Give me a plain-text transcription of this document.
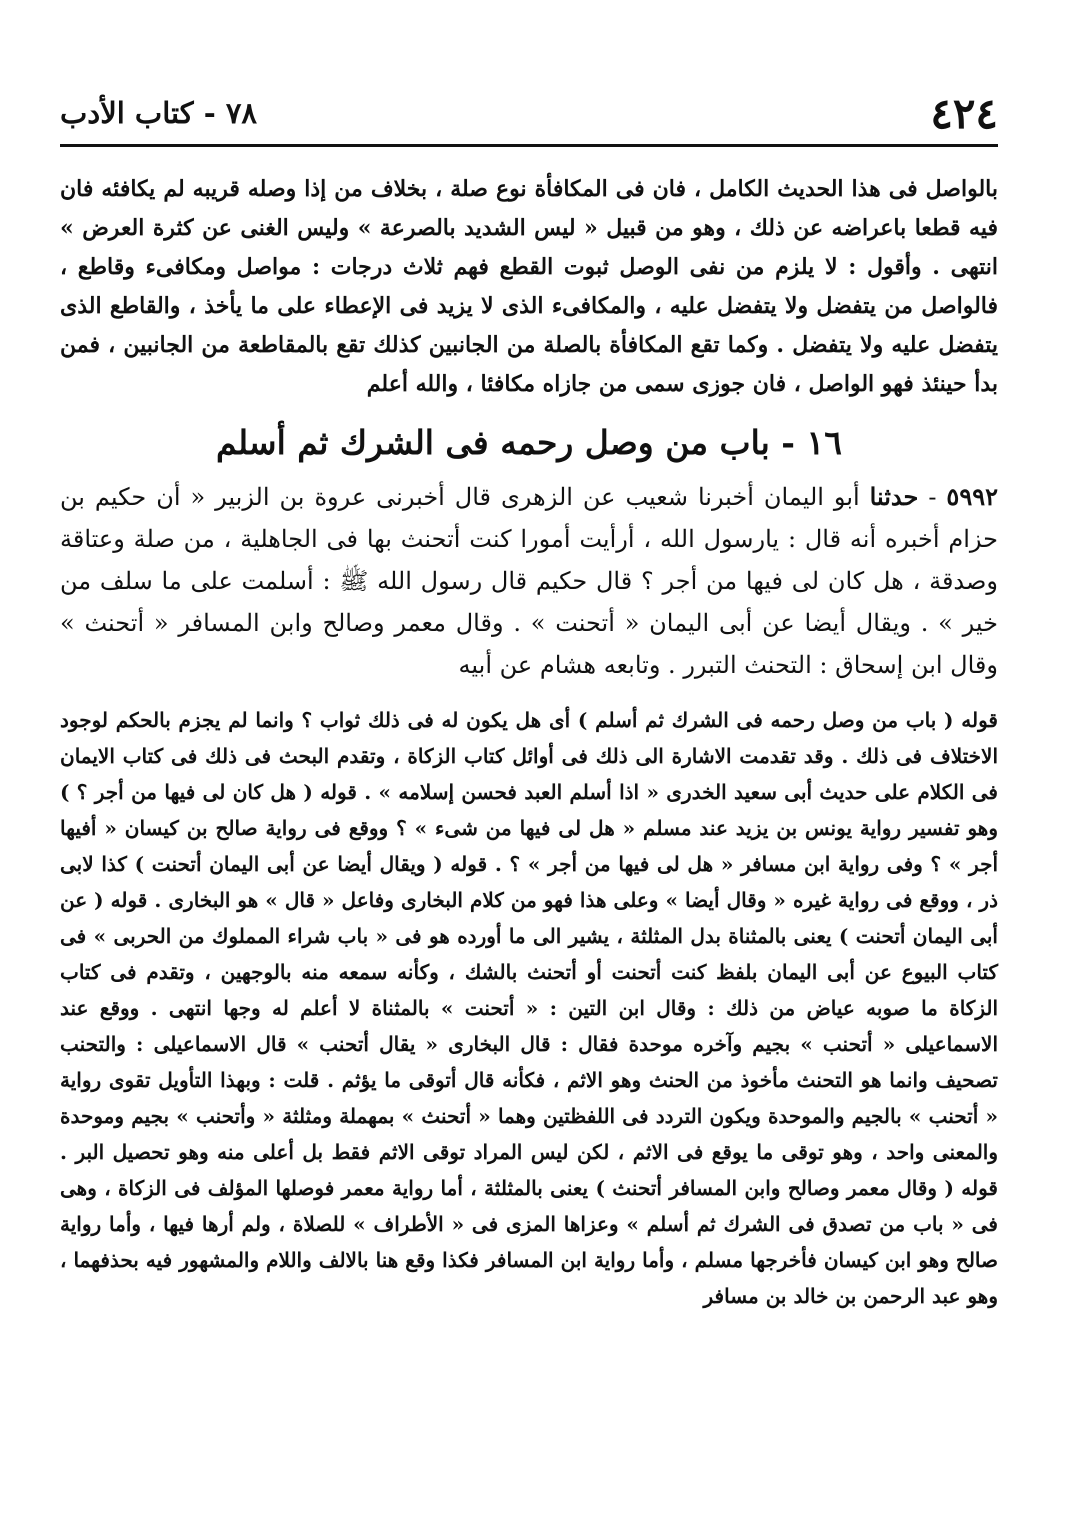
٤٢٤
٧٨ - كتاب الأدب

بالواصل فى هذا الحديث الكامل ، فان فى المكافأة نوع صلة ، بخلاف من إذا وصله قريبه لم يكافئه فان فيه قطعا باعراضه عن ذلك ، وهو من قبيل « ليس الشديد بالصرعة » وليس الغنى عن كثرة العرض » انتهى . وأقول : لا يلزم من نفى الوصل ثبوت القطع فهم ثلاث درجات : مواصل ومكافىء وقاطع ، فالواصل من يتفضل ولا يتفضل عليه ، والمكافىء الذى لا يزيد فى الإعطاء على ما يأخذ ، والقاطع الذى يتفضل عليه ولا يتفضل . وكما تقع المكافأة بالصلة من الجانبين كذلك تقع بالمقاطعة من الجانبين ، فمن بدأ حينئذ فهو الواصل ، فان جوزى سمى من جازاه مكافئا ، والله أعلم

١٦ - باب من وصل رحمه فى الشرك ثم أسلم

٥٩٩٢ - حدثنا أبو اليمان أخبرنا شعيب عن الزهرى قال أخبرنى عروة بن الزبير « أن حكيم بن حزام أخبره أنه قال : يارسول الله ، أرأيت أمورا كنت أتحنث بها فى الجاهلية ، من صلة وعتاقة وصدقة ، هل كان لى فيها من أجر ؟ قال حكيم قال رسول الله ﷺ : أسلمت على ما سلف من خير » . ويقال أيضا عن أبى اليمان « أتحنت » . وقال معمر وصالح وابن المسافر « أتحنث » وقال ابن إسحاق : التحنث التبرر . وتابعه هشام عن أبيه

قوله ( باب من وصل رحمه فى الشرك ثم أسلم ) أى هل يكون له فى ذلك ثواب ؟ وانما لم يجزم بالحكم لوجود الاختلاف فى ذلك . وقد تقدمت الاشارة الى ذلك فى أوائل كتاب الزكاة ، وتقدم البحث فى ذلك فى كتاب الايمان فى الكلام على حديث أبى سعيد الخدرى « اذا أسلم العبد فحسن إسلامه » . قوله ( هل كان لى فيها من أجر ؟ ) وهو تفسير رواية يونس بن يزيد عند مسلم « هل لى فيها من شىء » ؟ ووقع فى رواية صالح بن كيسان « أفيها أجر » ؟ وفى رواية ابن مسافر « هل لى فيها من أجر » ؟ . قوله ( ويقال أيضا عن أبى اليمان أتحنت ) كذا لابى ذر ، ووقع فى رواية غيره « وقال أيضا » وعلى هذا فهو من كلام البخارى وفاعل « قال » هو البخارى . قوله ( عن أبى اليمان أتحنت ) يعنى بالمثناة بدل المثلثة ، يشير الى ما أورده هو فى « باب شراء المملوك من الحربى » فى كتاب البيوع عن أبى اليمان بلفظ كنت أتحنت أو أتحنث بالشك ، وكأنه سمعه منه بالوجهين ، وتقدم فى كتاب الزكاة ما صوبه عياض من ذلك : وقال ابن التين : « أتحنت » بالمثناة لا أعلم له وجها انتهى . ووقع عند الاسماعيلى « أتحنب » بجيم وآخره موحدة فقال : قال البخارى « يقال أتحنب » قال الاسماعيلى : والتحنب تصحيف وانما هو التحنث مأخوذ من الحنث وهو الاثم ، فكأنه قال أتوقى ما يؤثم . قلت : وبهذا التأويل تقوى رواية « أتحنب » بالجيم والموحدة ويكون التردد فى اللفظتين وهما « أتحنث » بمهملة ومثلثة « وأتحنب » بجيم وموحدة والمعنى واحد ، وهو توقى ما يوقع فى الاثم ، لكن ليس المراد توقى الاثم فقط بل أعلى منه وهو تحصيل البر . قوله ( وقال معمر وصالح وابن المسافر أتحنث ) يعنى بالمثلثة ، أما رواية معمر فوصلها المؤلف فى الزكاة ، وهى فى « باب من تصدق فى الشرك ثم أسلم » وعزاها المزى فى « الأطراف » للصلاة ، ولم أرها فيها ، وأما رواية صالح وهو ابن كيسان فأخرجها مسلم ، وأما رواية ابن المسافر فكذا وقع هنا بالالف واللام والمشهور فيه بحذفهما ، وهو عبد الرحمن بن خالد بن مسافر
